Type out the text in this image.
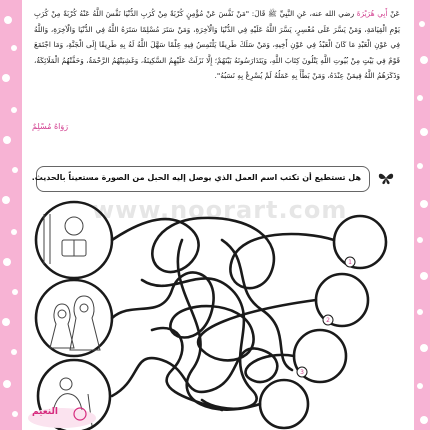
عَنْ أَبِي هُرَيْرَةَ رضي الله عنه، عَنِ النَّبِيِّ ﷺ قَالَ: "مَنْ نَفَّسَ عَنْ مُؤْمِنٍ كُرْبَةً مِنْ كُرَبِ الدُّنْيَا نَفَّسَ اللَّهُ عَنْهُ كُرْبَةً مِنْ كُرَبِ يَوْمِ الْقِيَامَةِ، وَمَنْ يَسَّرَ عَلَى مُعْسِرٍ، يَسَّرَ اللَّهُ عَلَيْهِ فِي الدُّنْيَا وَالْآخِرَةِ، وَمَنْ سَتَرَ مُسْلِمًا سَتَرَهُ اللَّهُ فِي الدُّنْيَا وَالْآخِرَةِ، وَاللَّهُ فِي عَوْنِ الْعَبْدِ مَا كَانَ الْعَبْدُ فِي عَوْنِ أَخِيهِ، وَمَنْ سَلَكَ طَرِيقًا يَلْتَمِسُ فِيهِ عِلْمًا سَهَّلَ اللَّهُ لَهُ بِهِ طَرِيقًا إِلَى الْجَنَّةِ، وَمَا اجْتَمَعَ قَوْمٌ فِي بَيْتٍ مِنْ بُيُوتِ اللَّهِ يَتْلُونَ كِتَابَ اللَّهِ، وَيَتَدَارَسُونَهُ بَيْنَهُمْ؛ إِلَّا نَزَلَتْ عَلَيْهِمُ السَّكِينَةُ، وَغَشِيَتْهُمُ الرَّحْمَةُ، وَحَفَّتْهُمُ الْمَلَائِكَةُ، وَذَكَرَهُمُ اللَّهُ فِيمَنْ عِنْدَهُ، وَمَنْ بَطَّأَ بِهِ عَمَلُهُ لَمْ يُسْرِعْ بِهِ نَسَبُهُ".
رَوَاهُ مُسْلِمٌ
هل تستطيع أن تكتب اسم العمل الذي يوصل إليه الحبل من الصورة مستعيناً بالحديث.
www.noorart.com
1
2
3
النعيم
